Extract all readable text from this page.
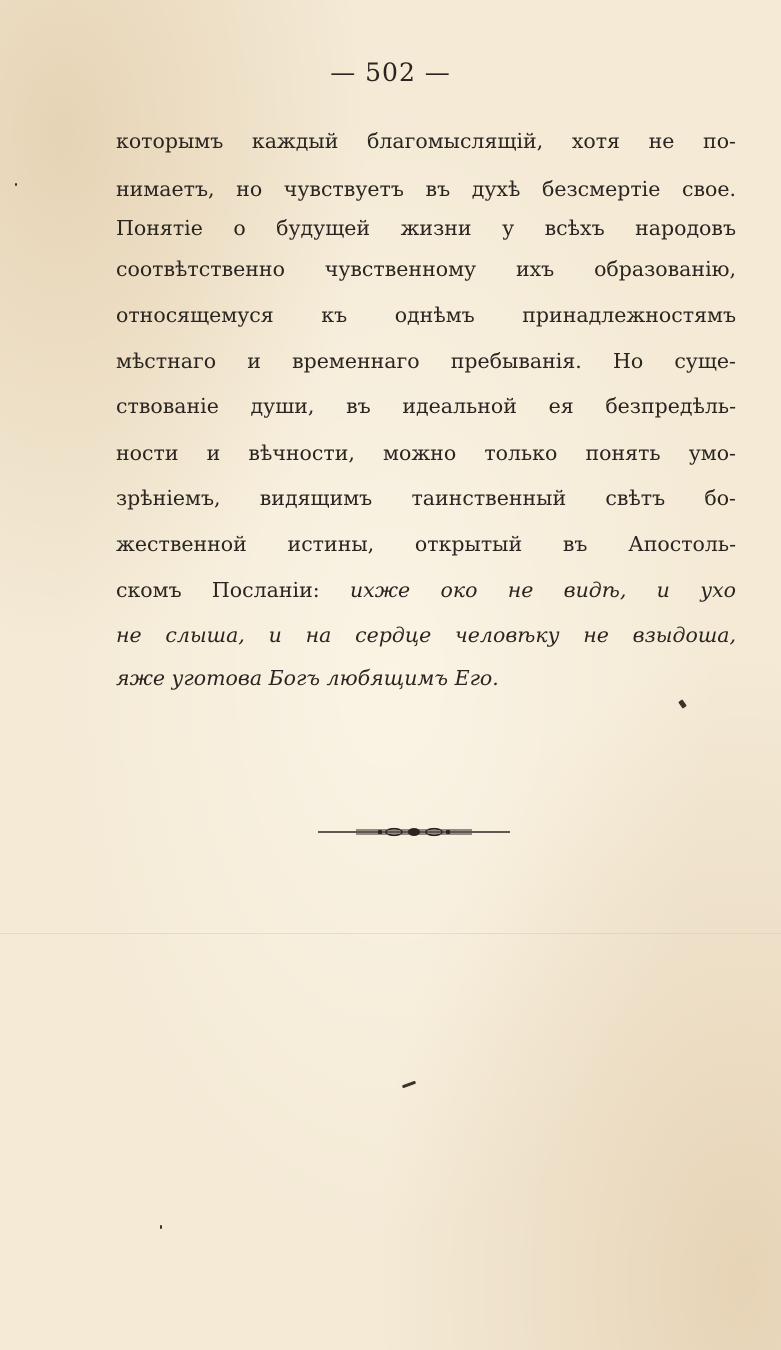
— 502 —
которымъ каждый благомыслящій, хотя не по-
нимаетъ, но чувствуетъ въ духѣ безсмертіе свое.
Понятіе о будущей жизни у всѣхъ народовъ
соотвѣтственно чувственному ихъ образованію,
относящемуся къ однѣмъ принадлежностямъ
мѣстнаго и временнаго пребыванія. Но суще-
ствованіе души, въ идеальной ея безпредѣль-
ности и вѣчности, можно только понять умо-
зрѣніемъ, видящимъ таинственный свѣтъ бо-
жественной истины, открытый въ Апостоль-
скомъ Посланіи: ихже око не видѣ, и ухо
не слыша, и на сердце человѣку не взыдоша,
яже уготова Богъ любящимъ Его.
